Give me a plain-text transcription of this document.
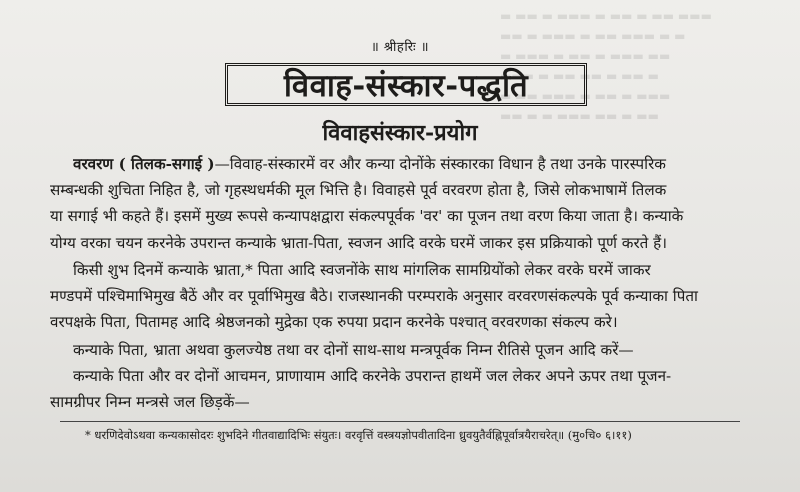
▬ ▬▬ ▬ ▬▬▬ ▬ ▬▬ ▬ ▬▬ ▬▬▬
▬▬ ▬ ▬▬▬ ▬ ▬▬ ▬▬▬ ▬ ▬
▬ ▬▬▬ ▬ ▬▬ ▬ ▬▬▬ ▬▬
▬▬▬ ▬ ▬▬ ▬▬ ▬ ▬▬ ▬
▬ ▬▬ ▬▬▬ ▬ ▬▬ ▬ ▬▬▬
▬▬ ▬ ▬ ▬▬▬ ▬▬ ▬ ▬▬
॥ श्रीहरिः ॥
विवाह-संस्कार-पद्धति
विवाहसंस्कार-प्रयोग
वरवरण ( तिलक-सगाई )—विवाह-संस्कारमें वर और कन्या दोनोंके संस्कारका विधान है तथा उनके पारस्परिक
सम्बन्धकी शुचिता निहित है, जो गृहस्थधर्मकी मूल भित्ति है। विवाहसे पूर्व वरवरण होता है, जिसे लोकभाषामें तिलक
या सगाई भी कहते हैं। इसमें मुख्य रूपसे कन्यापक्षद्वारा संकल्पपूर्वक 'वर' का पूजन तथा वरण किया जाता है। कन्याके
योग्य वरका चयन करनेके उपरान्त कन्याके भ्राता-पिता, स्वजन आदि वरके घरमें जाकर इस प्रक्रियाको पूर्ण करते हैं।
किसी शुभ दिनमें कन्याके भ्राता,* पिता आदि स्वजनोंके साथ मांगलिक सामग्रियोंको लेकर वरके घरमें जाकर
मण्डपमें पश्चिमाभिमुख बैठें और वर पूर्वाभिमुख बैठे। राजस्थानकी परम्पराके अनुसार वरवरणसंकल्पके पूर्व कन्याका पिता
वरपक्षके पिता, पितामह आदि श्रेष्ठजनको मुद्रेका एक रुपया प्रदान करनेके पश्चात् वरवरणका संकल्प करे।
कन्याके पिता, भ्राता अथवा कुलज्येष्ठ तथा वर दोनों साथ-साथ मन्त्रपूर्वक निम्न रीतिसे पूजन आदि करें—
कन्याके पिता और वर दोनों आचमन, प्राणायाम आदि करनेके उपरान्त हाथमें जल लेकर अपने ऊपर तथा पूजन-
सामग्रीपर निम्न मन्त्रसे जल छिड़कें—
* धरणिदेवोऽथवा कन्यकासोदरः शुभदिने गीतवाद्यादिभिः संयुतः। वरवृत्तिं वस्त्रयज्ञोपवीतादिना ध्रुवयुतैर्वह्निपूर्वात्रयैराचरेत्॥ (मु०चि० ६।११)
